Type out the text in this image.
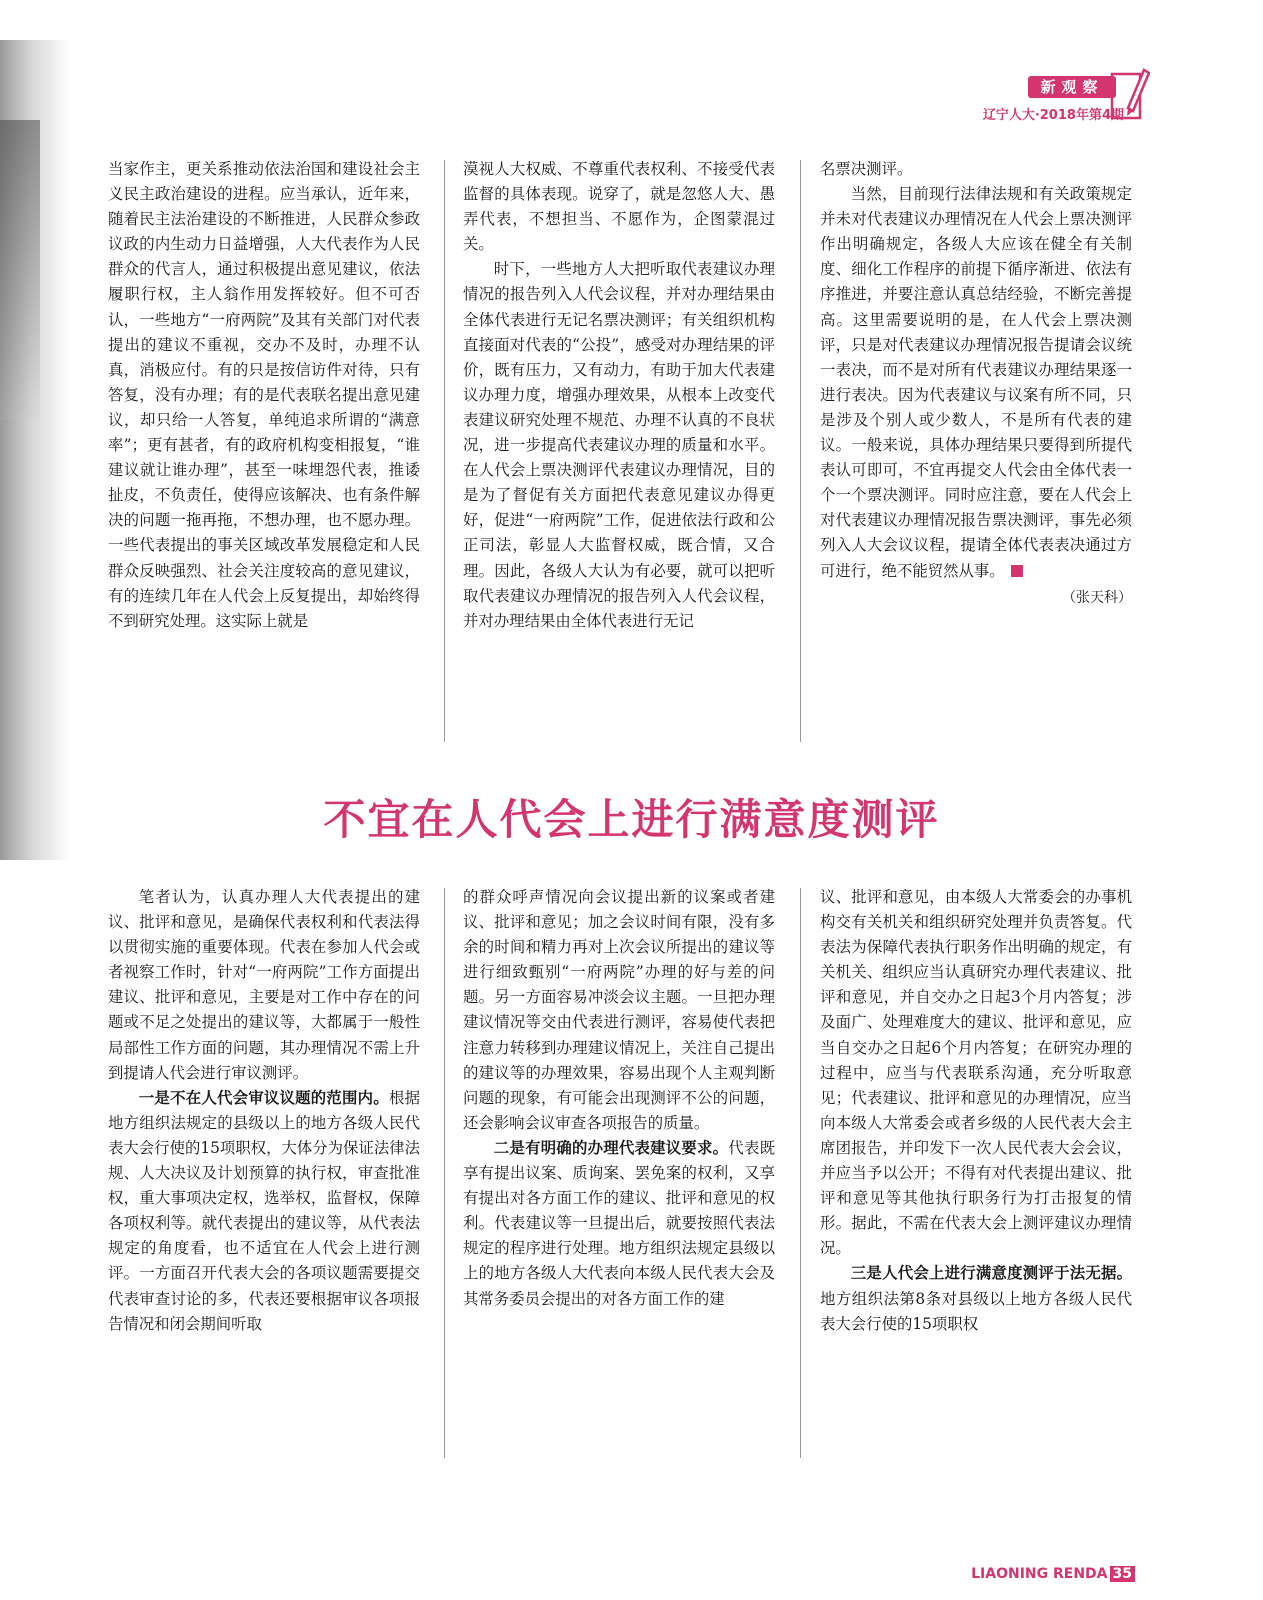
新观察
辽宁人大·2018年第4期

当家作主，更关系推动依法治国和建设社会主义民主政治建设的进程。应当承认，近年来，随着民主法治建设的不断推进，人民群众参政议政的内生动力日益增强，人大代表作为人民群众的代言人，通过积极提出意见建议，依法履职行权，主人翁作用发挥较好。但不可否认，一些地方“一府两院”及其有关部门对代表提出的建议不重视，交办不及时，办理不认真，消极应付。有的只是按信访件对待，只有答复，没有办理；有的是代表联名提出意见建议，却只给一人答复，单纯追求所谓的“满意率”；更有甚者，有的政府机构变相报复，“谁建议就让谁办理”，甚至一味埋怨代表，推诿扯皮，不负责任，使得应该解决、也有条件解决的问题一拖再拖，不想办理，也不愿办理。一些代表提出的事关区域改革发展稳定和人民群众反映强烈、社会关注度较高的意见建议，有的连续几年在人代会上反复提出，却始终得不到研究处理。这实际上就是

漠视人大权威、不尊重代表权利、不接受代表监督的具体表现。说穿了，就是忽悠人大、愚弄代表，不想担当、不愿作为，企图蒙混过关。

时下，一些地方人大把听取代表建议办理情况的报告列入人代会议程，并对办理结果由全体代表进行无记名票决测评；有关组织机构直接面对代表的“公投”，感受对办理结果的评价，既有压力，又有动力，有助于加大代表建议办理力度，增强办理效果，从根本上改变代表建议研究处理不规范、办理不认真的不良状况，进一步提高代表建议办理的质量和水平。在人代会上票决测评代表建议办理情况，目的是为了督促有关方面把代表意见建议办得更好，促进“一府两院”工作，促进依法行政和公正司法，彰显人大监督权威，既合情，又合理。因此，各级人大认为有必要，就可以把听取代表建议办理情况的报告列入人代会议程，并对办理结果由全体代表进行无记

名票决测评。

当然，目前现行法律法规和有关政策规定并未对代表建议办理情况在人代会上票决测评作出明确规定，各级人大应该在健全有关制度、细化工作程序的前提下循序渐进、依法有序推进，并要注意认真总结经验，不断完善提高。这里需要说明的是，在人代会上票决测评，只是对代表建议办理情况报告提请会议统一表决，而不是对所有代表建议办理结果逐一进行表决。因为代表建议与议案有所不同，只是涉及个别人或少数人，不是所有代表的建议。一般来说，具体办理结果只要得到所提代表认可即可，不宜再提交人代会由全体代表一个一个票决测评。同时应注意，要在人代会上对代表建议办理情况报告票决测评，事先必须列入人大会议议程，提请全体代表表决通过方可进行，绝不能贸然从事。

（张天科）
不宜在人代会上进行满意度测评

笔者认为，认真办理人大代表提出的建议、批评和意见，是确保代表权利和代表法得以贯彻实施的重要体现。代表在参加人代会或者视察工作时，针对“一府两院”工作方面提出建议、批评和意见，主要是对工作中存在的问题或不足之处提出的建议等，大都属于一般性局部性工作方面的问题，其办理情况不需上升到提请人代会进行审议测评。

一是不在人代会审议议题的范围内。根据地方组织法规定的县级以上的地方各级人民代表大会行使的15项职权，大体分为保证法律法规、人大决议及计划预算的执行权，审查批准权，重大事项决定权，选举权，监督权，保障各项权利等。就代表提出的建议等，从代表法规定的角度看，也不适宜在人代会上进行测评。一方面召开代表大会的各项议题需要提交代表审查讨论的多，代表还要根据审议各项报告情况和闭会期间听取

的群众呼声情况向会议提出新的议案或者建议、批评和意见；加之会议时间有限，没有多余的时间和精力再对上次会议所提出的建议等进行细致甄别“一府两院”办理的好与差的问题。另一方面容易冲淡会议主题。一旦把办理建议情况等交由代表进行测评，容易使代表把注意力转移到办理建议情况上，关注自己提出的建议等的办理效果，容易出现个人主观判断问题的现象，有可能会出现测评不公的问题，还会影响会议审查各项报告的质量。

二是有明确的办理代表建议要求。代表既享有提出议案、质询案、罢免案的权利，又享有提出对各方面工作的建议、批评和意见的权利。代表建议等一旦提出后，就要按照代表法规定的程序进行处理。地方组织法规定县级以上的地方各级人大代表向本级人民代表大会及其常务委员会提出的对各方面工作的建

议、批评和意见，由本级人大常委会的办事机构交有关机关和组织研究处理并负责答复。代表法为保障代表执行职务作出明确的规定，有关机关、组织应当认真研究办理代表建议、批评和意见，并自交办之日起3个月内答复；涉及面广、处理难度大的建议、批评和意见，应当自交办之日起6个月内答复；在研究办理的过程中，应当与代表联系沟通，充分听取意见；代表建议、批评和意见的办理情况，应当向本级人大常委会或者乡级的人民代表大会主席团报告，并印发下一次人民代表大会会议，并应当予以公开；不得有对代表提出建议、批评和意见等其他执行职务行为打击报复的情形。据此，不需在代表大会上测评建议办理情况。

三是人代会上进行满意度测评于法无据。地方组织法第8条对县级以上地方各级人民代表大会行使的15项职权

LIAONING RENDA 35
